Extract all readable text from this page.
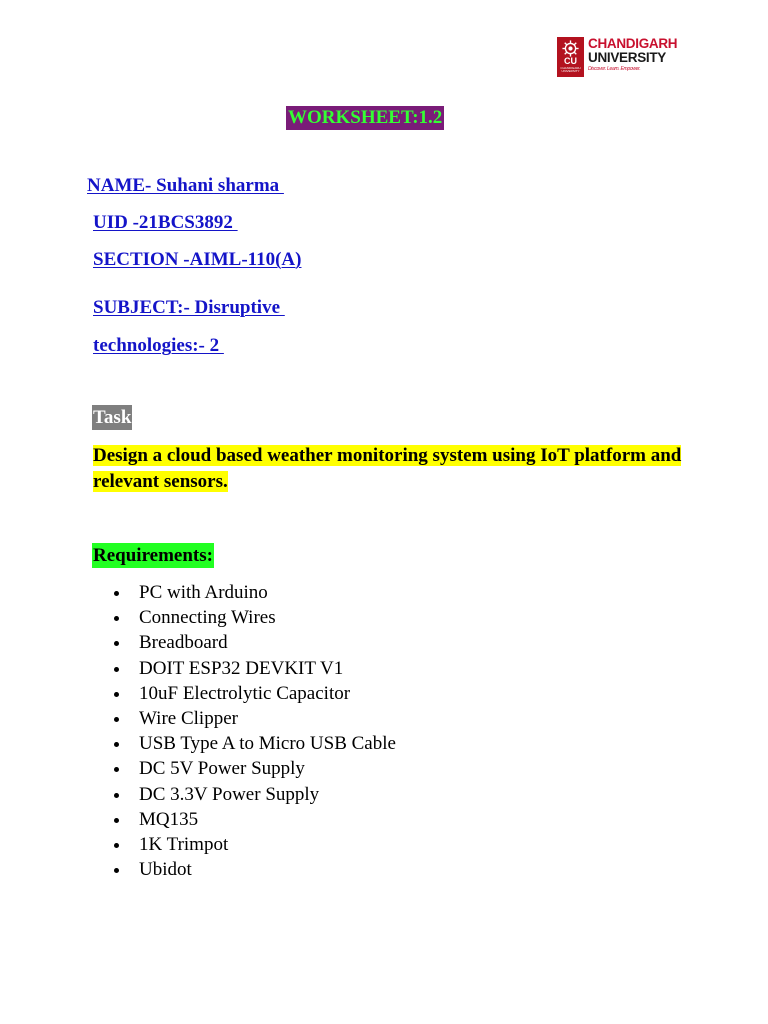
CU
CHANDIGARH UNIVERSITY
CHANDIGARH
UNIVERSITY
Discover. Learn. Empower.
WORKSHEET:1.2
NAME- Suhani sharma
UID -21BCS3892
SECTION -AIML-110(A)
SUBJECT:- Disruptive
technologies:- 2
Task
Design a cloud based weather monitoring system using IoT platform and relevant sensors.
Requirements:
PC with Arduino
Connecting Wires
Breadboard
DOIT ESP32 DEVKIT V1
10uF Electrolytic Capacitor
Wire Clipper
USB Type A to Micro USB Cable
DC 5V Power Supply
DC 3.3V Power Supply
MQ135
1K Trimpot
Ubidot
